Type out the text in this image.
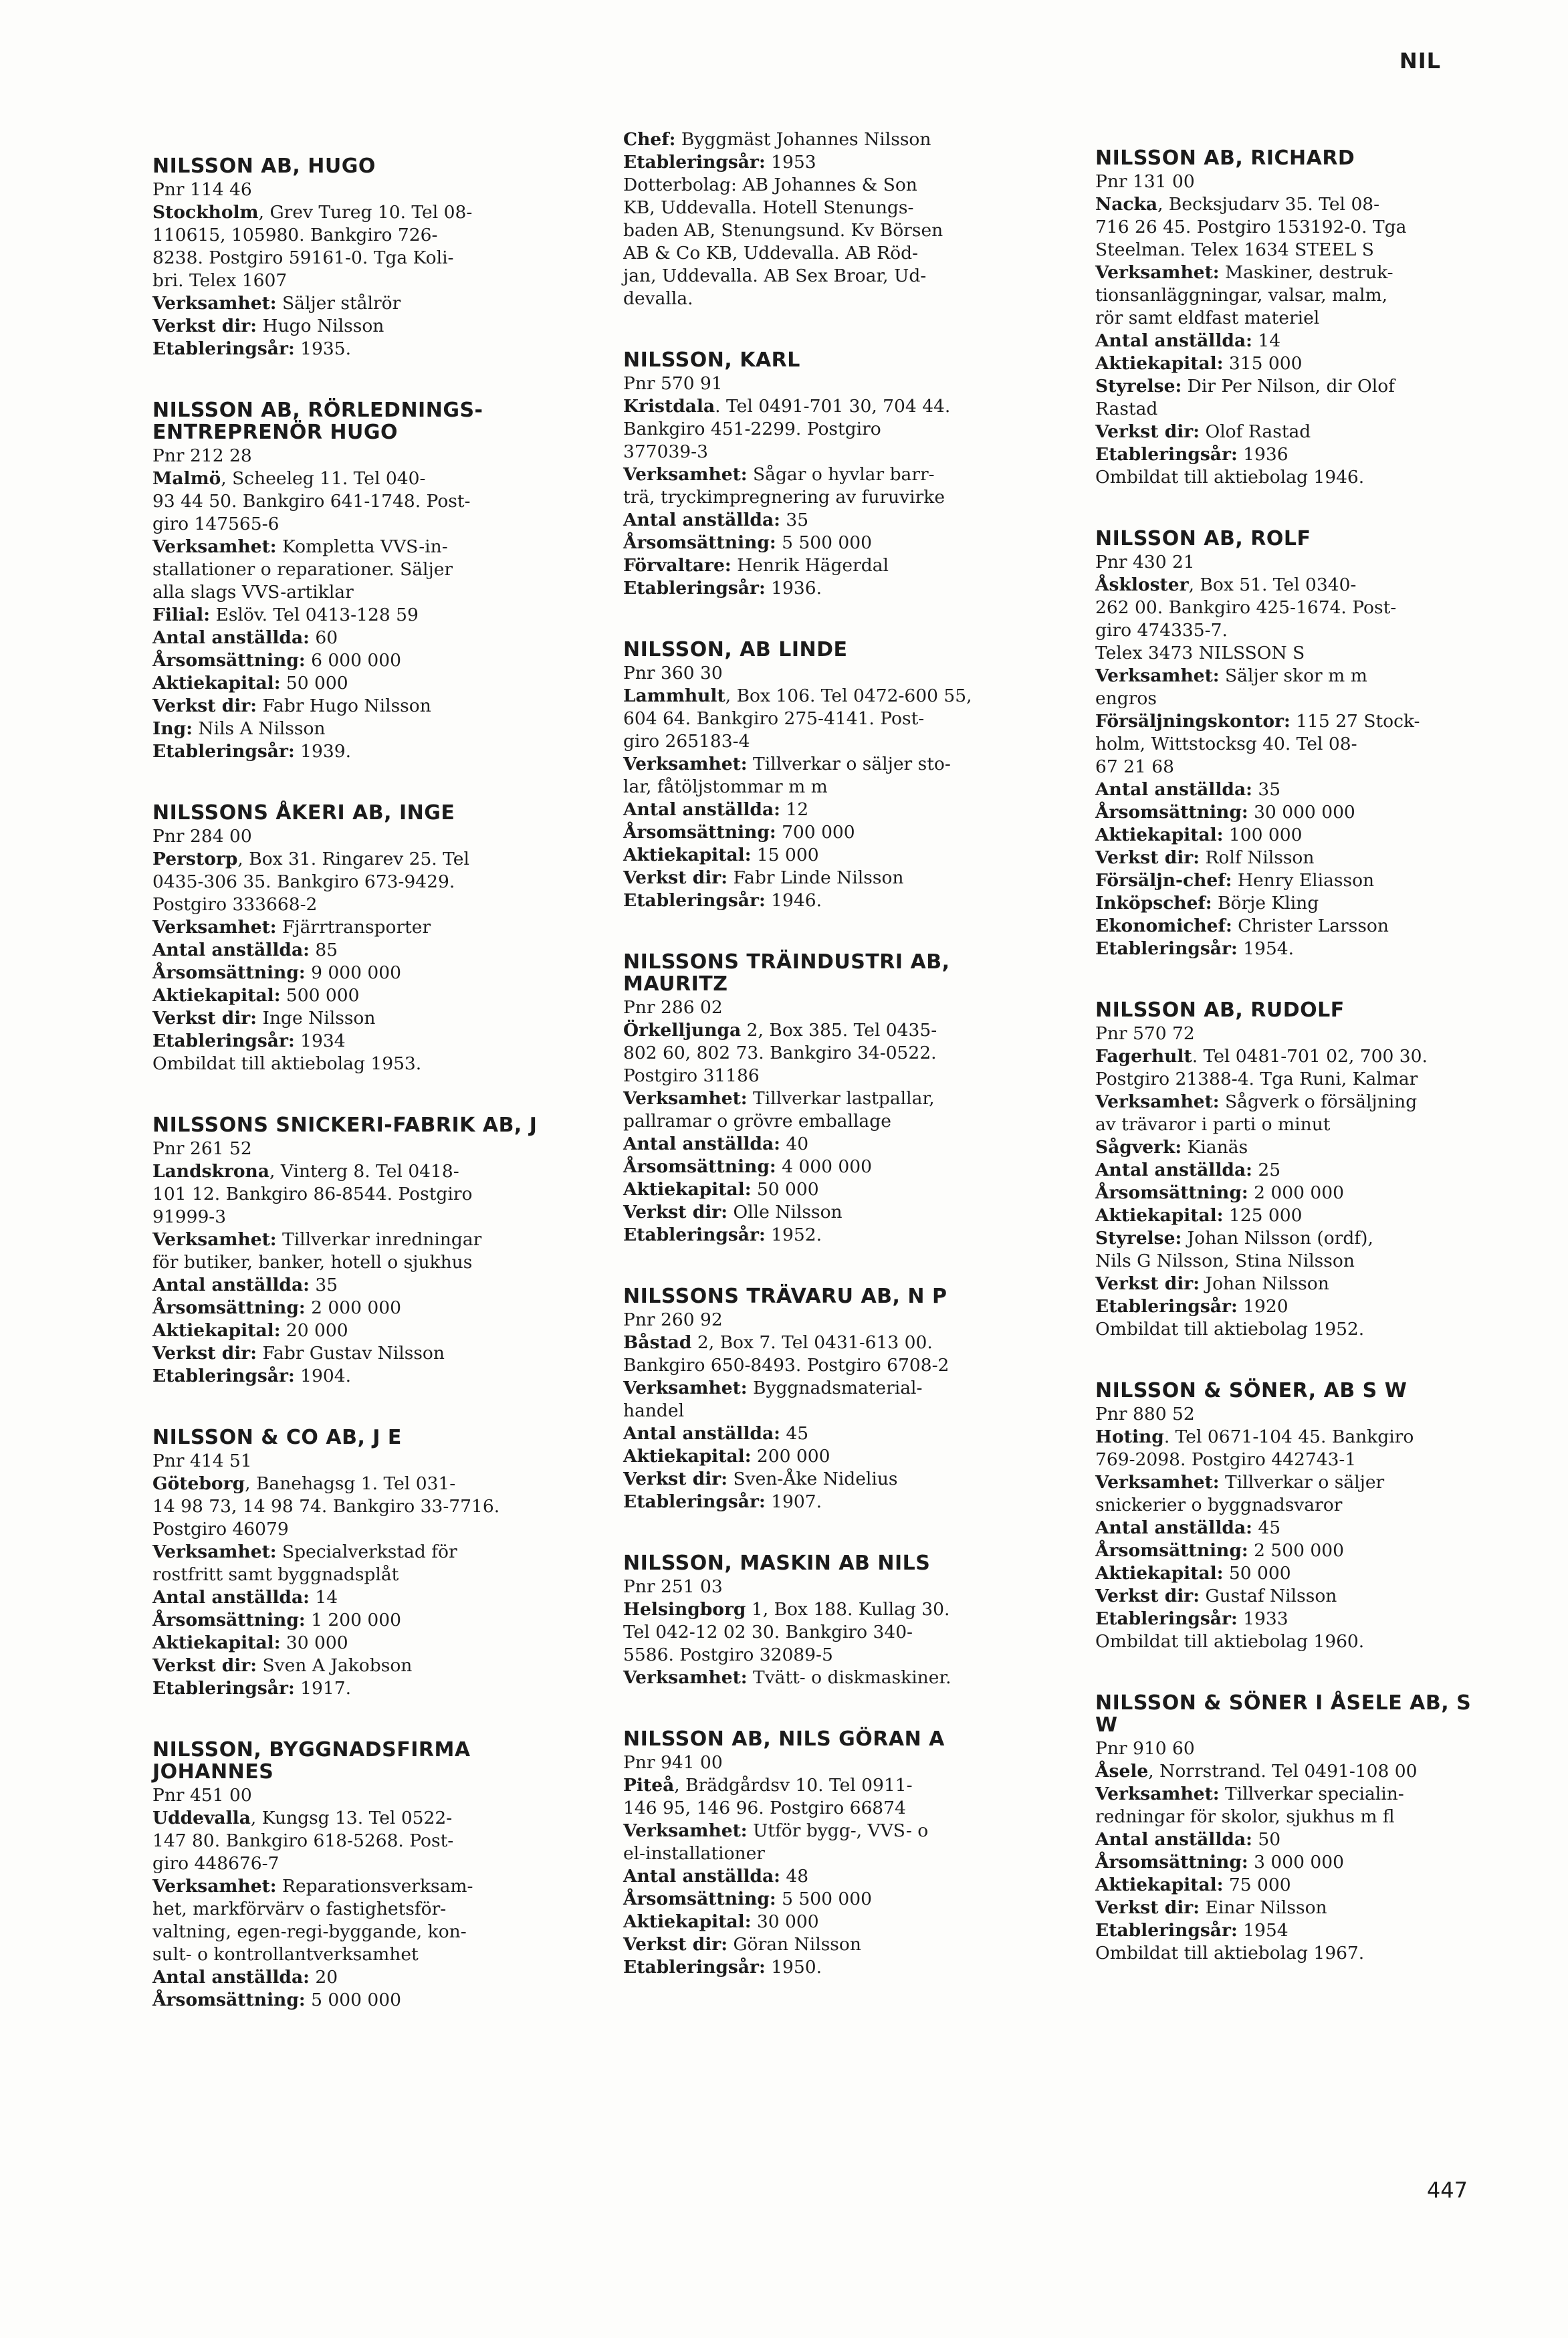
NIL
NILSSON AB, HUGO
Pnr 114 46
Stockholm, Grev Tureg 10. Tel 08-
110615, 105980. Bankgiro 726-
8238. Postgiro 59161-0. Tga Koli-
bri. Telex 1607
Verksamhet: Säljer stålrör
Verkst dir: Hugo Nilsson
Etableringsår: 1935.
NILSSON AB, RÖRLEDNINGS-ENTREPRENÖR HUGO
Pnr 212 28
Malmö, Scheeleg 11. Tel 040-
93 44 50. Bankgiro 641-1748. Post-
giro 147565-6
Verksamhet: Kompletta VVS-in-
stallationer o reparationer. Säljer
alla slags VVS-artiklar
Filial: Eslöv. Tel 0413-128 59
Antal anställda: 60
Årsomsättning: 6 000 000
Aktiekapital: 50 000
Verkst dir: Fabr Hugo Nilsson
Ing: Nils A Nilsson
Etableringsår: 1939.
NILSSONS ÅKERI AB, INGE
Pnr 284 00
Perstorp, Box 31. Ringarev 25. Tel
0435-306 35. Bankgiro 673-9429.
Postgiro 333668-2
Verksamhet: Fjärrtransporter
Antal anställda: 85
Årsomsättning: 9 000 000
Aktiekapital: 500 000
Verkst dir: Inge Nilsson
Etableringsår: 1934
Ombildat till aktiebolag 1953.
NILSSONS SNICKERI-FABRIK AB, J
Pnr 261 52
Landskrona, Vinterg 8. Tel 0418-
101 12. Bankgiro 86-8544. Postgiro
91999-3
Verksamhet: Tillverkar inredningar
för butiker, banker, hotell o sjukhus
Antal anställda: 35
Årsomsättning: 2 000 000
Aktiekapital: 20 000
Verkst dir: Fabr Gustav Nilsson
Etableringsår: 1904.
NILSSON & CO AB, J E
Pnr 414 51
Göteborg, Banehagsg 1. Tel 031-
14 98 73, 14 98 74. Bankgiro 33-7716.
Postgiro 46079
Verksamhet: Specialverkstad för
rostfritt samt byggnadsplåt
Antal anställda: 14
Årsomsättning: 1 200 000
Aktiekapital: 30 000
Verkst dir: Sven A Jakobson
Etableringsår: 1917.
NILSSON, BYGGNADSFIRMA JOHANNES
Pnr 451 00
Uddevalla, Kungsg 13. Tel 0522-
147 80. Bankgiro 618-5268. Post-
giro 448676-7
Verksamhet: Reparationsverksam-
het, markförvärv o fastighetsför-
valtning, egen-regi-byggande, kon-
sult- o kontrollantverksamhet
Antal anställda: 20
Årsomsättning: 5 000 000
Chef: Byggmäst Johannes Nilsson
Etableringsår: 1953
Dotterbolag: AB Johannes & Son
KB, Uddevalla. Hotell Stenungs-
baden AB, Stenungsund. Kv Börsen
AB & Co KB, Uddevalla. AB Röd-
jan, Uddevalla. AB Sex Broar, Ud-
devalla.
NILSSON, KARL
Pnr 570 91
Kristdala. Tel 0491-701 30, 704 44.
Bankgiro 451-2299. Postgiro
377039-3
Verksamhet: Sågar o hyvlar barr-
trä, tryckimpregnering av furuvirke
Antal anställda: 35
Årsomsättning: 5 500 000
Förvaltare: Henrik Hägerdal
Etableringsår: 1936.
NILSSON, AB LINDE
Pnr 360 30
Lammhult, Box 106. Tel 0472-600 55,
604 64. Bankgiro 275-4141. Post-
giro 265183-4
Verksamhet: Tillverkar o säljer sto-
lar, fåtöljstommar m m
Antal anställda: 12
Årsomsättning: 700 000
Aktiekapital: 15 000
Verkst dir: Fabr Linde Nilsson
Etableringsår: 1946.
NILSSONS TRÄINDUSTRI AB, MAURITZ
Pnr 286 02
Örkelljunga 2, Box 385. Tel 0435-
802 60, 802 73. Bankgiro 34-0522.
Postgiro 31186
Verksamhet: Tillverkar lastpallar,
pallramar o grövre emballage
Antal anställda: 40
Årsomsättning: 4 000 000
Aktiekapital: 50 000
Verkst dir: Olle Nilsson
Etableringsår: 1952.
NILSSONS TRÄVARU AB, N P
Pnr 260 92
Båstad 2, Box 7. Tel 0431-613 00.
Bankgiro 650-8493. Postgiro 6708-2
Verksamhet: Byggnadsmaterial-
handel
Antal anställda: 45
Aktiekapital: 200 000
Verkst dir: Sven-Åke Nidelius
Etableringsår: 1907.
NILSSON, MASKIN AB NILS
Pnr 251 03
Helsingborg 1, Box 188. Kullag 30.
Tel 042-12 02 30. Bankgiro 340-
5586. Postgiro 32089-5
Verksamhet: Tvätt- o diskmaskiner.
NILSSON AB, NILS GÖRAN A
Pnr 941 00
Piteå, Brädgårdsv 10. Tel 0911-
146 95, 146 96. Postgiro 66874
Verksamhet: Utför bygg-, VVS- o
el-installationer
Antal anställda: 48
Årsomsättning: 5 500 000
Aktiekapital: 30 000
Verkst dir: Göran Nilsson
Etableringsår: 1950.
NILSSON AB, RICHARD
Pnr 131 00
Nacka, Becksjudarv 35. Tel 08-
716 26 45. Postgiro 153192-0. Tga
Steelman. Telex 1634 STEEL S
Verksamhet: Maskiner, destruk-
tionsanläggningar, valsar, malm,
rör samt eldfast materiel
Antal anställda: 14
Aktiekapital: 315 000
Styrelse: Dir Per Nilson, dir Olof
Rastad
Verkst dir: Olof Rastad
Etableringsår: 1936
Ombildat till aktiebolag 1946.
NILSSON AB, ROLF
Pnr 430 21
Åskloster, Box 51. Tel 0340-
262 00. Bankgiro 425-1674. Post-
giro 474335-7.
Telex 3473 NILSSON S
Verksamhet: Säljer skor m m
engros
Försäljningskontor: 115 27 Stock-
holm, Wittstocksg 40. Tel 08-
67 21 68
Antal anställda: 35
Årsomsättning: 30 000 000
Aktiekapital: 100 000
Verkst dir: Rolf Nilsson
Försäljn-chef: Henry Eliasson
Inköpschef: Börje Kling
Ekonomichef: Christer Larsson
Etableringsår: 1954.
NILSSON AB, RUDOLF
Pnr 570 72
Fagerhult. Tel 0481-701 02, 700 30.
Postgiro 21388-4. Tga Runi, Kalmar
Verksamhet: Sågverk o försäljning
av trävaror i parti o minut
Sågverk: Kianäs
Antal anställda: 25
Årsomsättning: 2 000 000
Aktiekapital: 125 000
Styrelse: Johan Nilsson (ordf),
Nils G Nilsson, Stina Nilsson
Verkst dir: Johan Nilsson
Etableringsår: 1920
Ombildat till aktiebolag 1952.
NILSSON & SÖNER, AB S W
Pnr 880 52
Hoting. Tel 0671-104 45. Bankgiro
769-2098. Postgiro 442743-1
Verksamhet: Tillverkar o säljer
snickerier o byggnadsvaror
Antal anställda: 45
Årsomsättning: 2 500 000
Aktiekapital: 50 000
Verkst dir: Gustaf Nilsson
Etableringsår: 1933
Ombildat till aktiebolag 1960.
NILSSON & SÖNER I ÅSELE AB, S W
Pnr 910 60
Åsele, Norrstrand. Tel 0491-108 00
Verksamhet: Tillverkar specialin-
redningar för skolor, sjukhus m fl
Antal anställda: 50
Årsomsättning: 3 000 000
Aktiekapital: 75 000
Verkst dir: Einar Nilsson
Etableringsår: 1954
Ombildat till aktiebolag 1967.
447
